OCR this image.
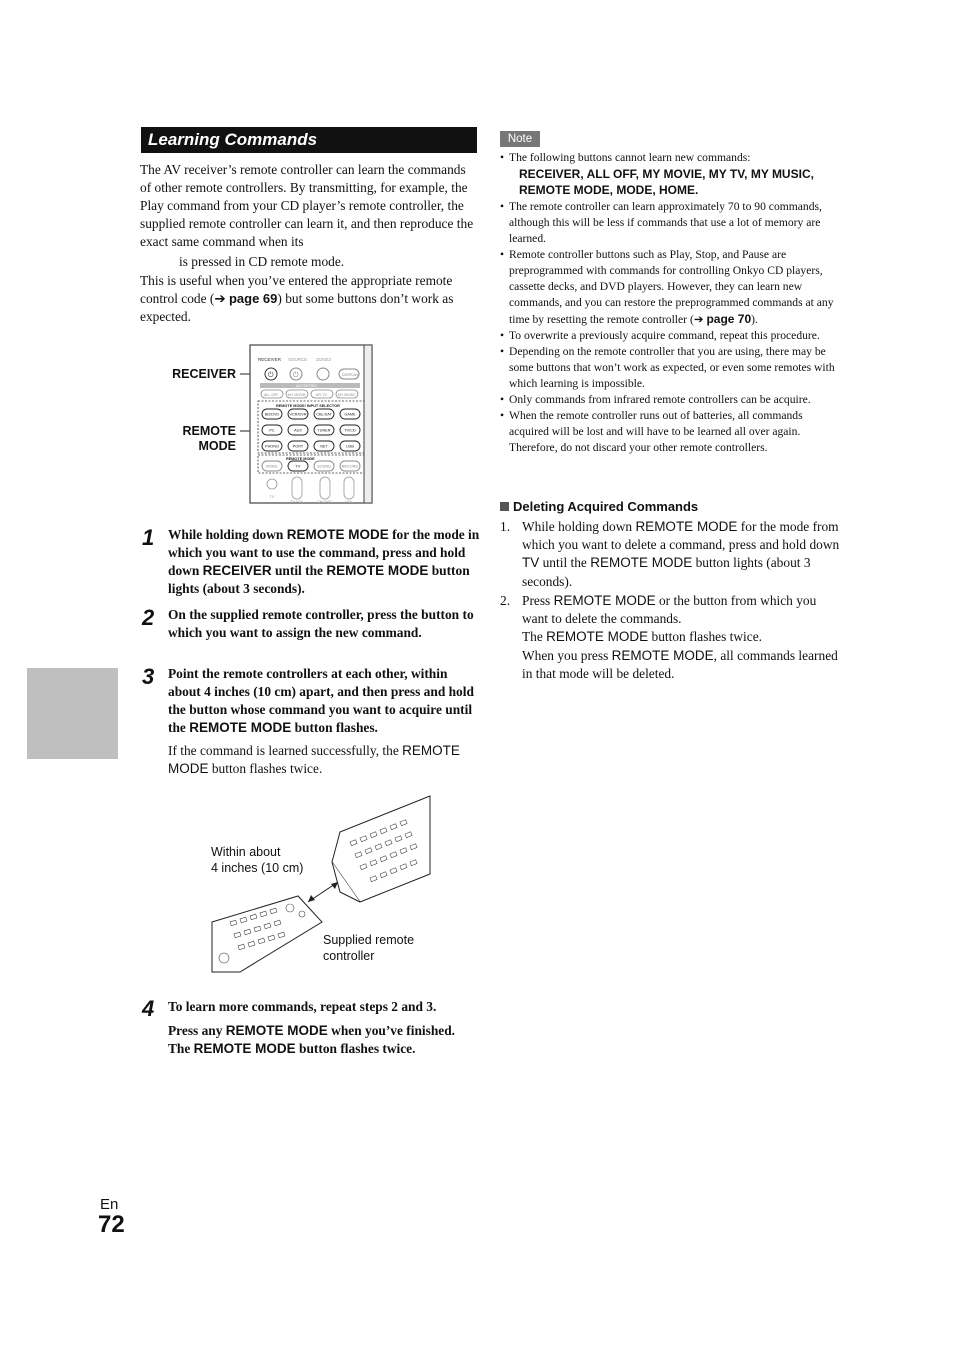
Learning Commands

The AV receiver’s remote controller can learn the commands of other remote controllers. By transmitting, for example, the Play command from your CD player’s remote controller, the supplied remote controller can learn it, and then reproduce the exact same command when its

is pressed in CD remote mode.

This is useful when you’ve entered the appropriate remote control code (➔ page 69) but some buttons don’t work as expected.

RECEIVER
REMOTE
MODE
RECEIVER SOURCE ZONE2
⏻	⏻	DISPLAY
ACTIVITIES
ALL OFF	MY MOVIE	MY TV	MY MUSIC
REMOTE MODE/ INPUT SELECTOR
BD/DVD	VCR/DVR	CBL/SAT	GAME
PC	AUX	TUNER	TV/CD
PHONO	PORT	NET	USB
REMOTE MODE
MODE	TV	SOUND	RECORD
TV
TV VOL	CH DISC	VOL
1 While holding down REMOTE MODE for the mode in which you want to use the command, press and hold down RECEIVER until the REMOTE MODE button lights (about 3 seconds).
2 On the supplied remote controller, press the button to which you want to assign the new command.
3 Point the remote controllers at each other, within about 4 inches (10 cm) apart, and then press and hold the button whose command you want to acquire until the REMOTE MODE button flashes.
If the command is learned successfully, the REMOTE MODE button flashes twice.
Within about
4 inches (10 cm)
Supplied remote
controller
4 To learn more commands, repeat steps 2 and 3.
Press any REMOTE MODE when you’ve finished. The REMOTE MODE button flashes twice.
Note
• The following buttons cannot learn new commands:
RECEIVER, ALL OFF, MY MOVIE, MY TV, MY MUSIC, REMOTE MODE, MODE, HOME.
• The remote controller can learn approximately 70 to 90 commands, although this will be less if commands that use a lot of memory are learned.
• Remote controller buttons such as Play, Stop, and Pause are preprogrammed with commands for controlling Onkyo CD players, cassette decks, and DVD players. However, they can learn new commands, and you can restore the preprogrammed commands at any time by resetting the remote controller (➔ page 70).
• To overwrite a previously acquire command, repeat this procedure.
• Depending on the remote controller that you are using, there may be some buttons that won’t work as expected, or even some remotes with which learning is impossible.
• Only commands from infrared remote controllers can be acquire.
• When the remote controller runs out of batteries, all commands acquired will be lost and will have to be learned all over again. Therefore, do not discard your other remote controllers.
Deleting Acquired Commands
1. While holding down REMOTE MODE for the mode from which you want to delete a command, press and hold down TV until the REMOTE MODE button lights (about 3 seconds).
2. Press REMOTE MODE or the button from which you want to delete the commands.

The REMOTE MODE button flashes twice.

When you press REMOTE MODE, all commands learned in that mode will be deleted.

En
72
